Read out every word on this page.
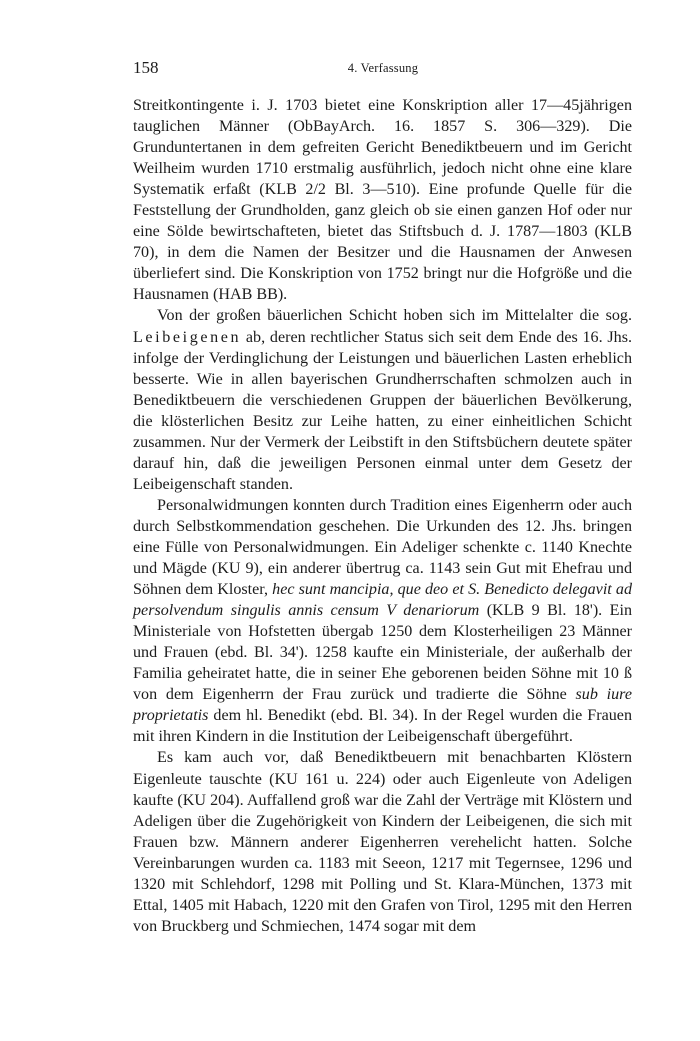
158	4. Verfassung

Streitkontingente i. J. 1703 bietet eine Konskription aller 17—45jährigen tauglichen Männer (ObBayArch. 16. 1857 S. 306—329). Die Grunduntertanen in dem gefreiten Gericht Benediktbeuern und im Gericht Weilheim wurden 1710 erstmalig ausführlich, jedoch nicht ohne eine klare Systematik erfaßt (KLB 2/2 Bl. 3—510). Eine profunde Quelle für die Feststellung der Grundholden, ganz gleich ob sie einen ganzen Hof oder nur eine Sölde bewirtschafteten, bietet das Stiftsbuch d. J. 1787—1803 (KLB 70), in dem die Namen der Besitzer und die Hausnamen der Anwesen überliefert sind. Die Konskription von 1752 bringt nur die Hofgröße und die Hausnamen (HAB BB).

Von der großen bäuerlichen Schicht hoben sich im Mittelalter die sog. Leibeigenen ab, deren rechtlicher Status sich seit dem Ende des 16. Jhs. infolge der Verdinglichung der Leistungen und bäuerlichen Lasten erheblich besserte. Wie in allen bayerischen Grundherrschaften schmolzen auch in Benediktbeuern die verschiedenen Gruppen der bäuerlichen Bevölkerung, die klösterlichen Besitz zur Leihe hatten, zu einer einheitlichen Schicht zusammen. Nur der Vermerk der Leibstift in den Stiftsbüchern deutete später darauf hin, daß die jeweiligen Personen einmal unter dem Gesetz der Leibeigenschaft standen.

Personalwidmungen konnten durch Tradition eines Eigenherrn oder auch durch Selbstkommendation geschehen. Die Urkunden des 12. Jhs. bringen eine Fülle von Personalwidmungen. Ein Adeliger schenkte c. 1140 Knechte und Mägde (KU 9), ein anderer übertrug ca. 1143 sein Gut mit Ehefrau und Söhnen dem Kloster, hec sunt mancipia, que deo et S. Benedicto delegavit ad persolvendum singulis annis censum V denariorum (KLB 9 Bl. 18'). Ein Ministeriale von Hofstetten übergab 1250 dem Klosterheiligen 23 Männer und Frauen (ebd. Bl. 34'). 1258 kaufte ein Ministeriale, der außerhalb der Familia geheiratet hatte, die in seiner Ehe geborenen beiden Söhne mit 10 ß von dem Eigenherrn der Frau zurück und tradierte die Söhne sub iure proprietatis dem hl. Benedikt (ebd. Bl. 34). In der Regel wurden die Frauen mit ihren Kindern in die Institution der Leibeigenschaft übergeführt.

Es kam auch vor, daß Benediktbeuern mit benachbarten Klöstern Eigenleute tauschte (KU 161 u. 224) oder auch Eigenleute von Adeligen kaufte (KU 204). Auffallend groß war die Zahl der Verträge mit Klöstern und Adeligen über die Zugehörigkeit von Kindern der Leibeigenen, die sich mit Frauen bzw. Männern anderer Eigenherren verehelicht hatten. Solche Vereinbarungen wurden ca. 1183 mit Seeon, 1217 mit Tegernsee, 1296 und 1320 mit Schlehdorf, 1298 mit Polling und St. Klara-München, 1373 mit Ettal, 1405 mit Habach, 1220 mit den Grafen von Tirol, 1295 mit den Herren von Bruckberg und Schmiechen, 1474 sogar mit dem
